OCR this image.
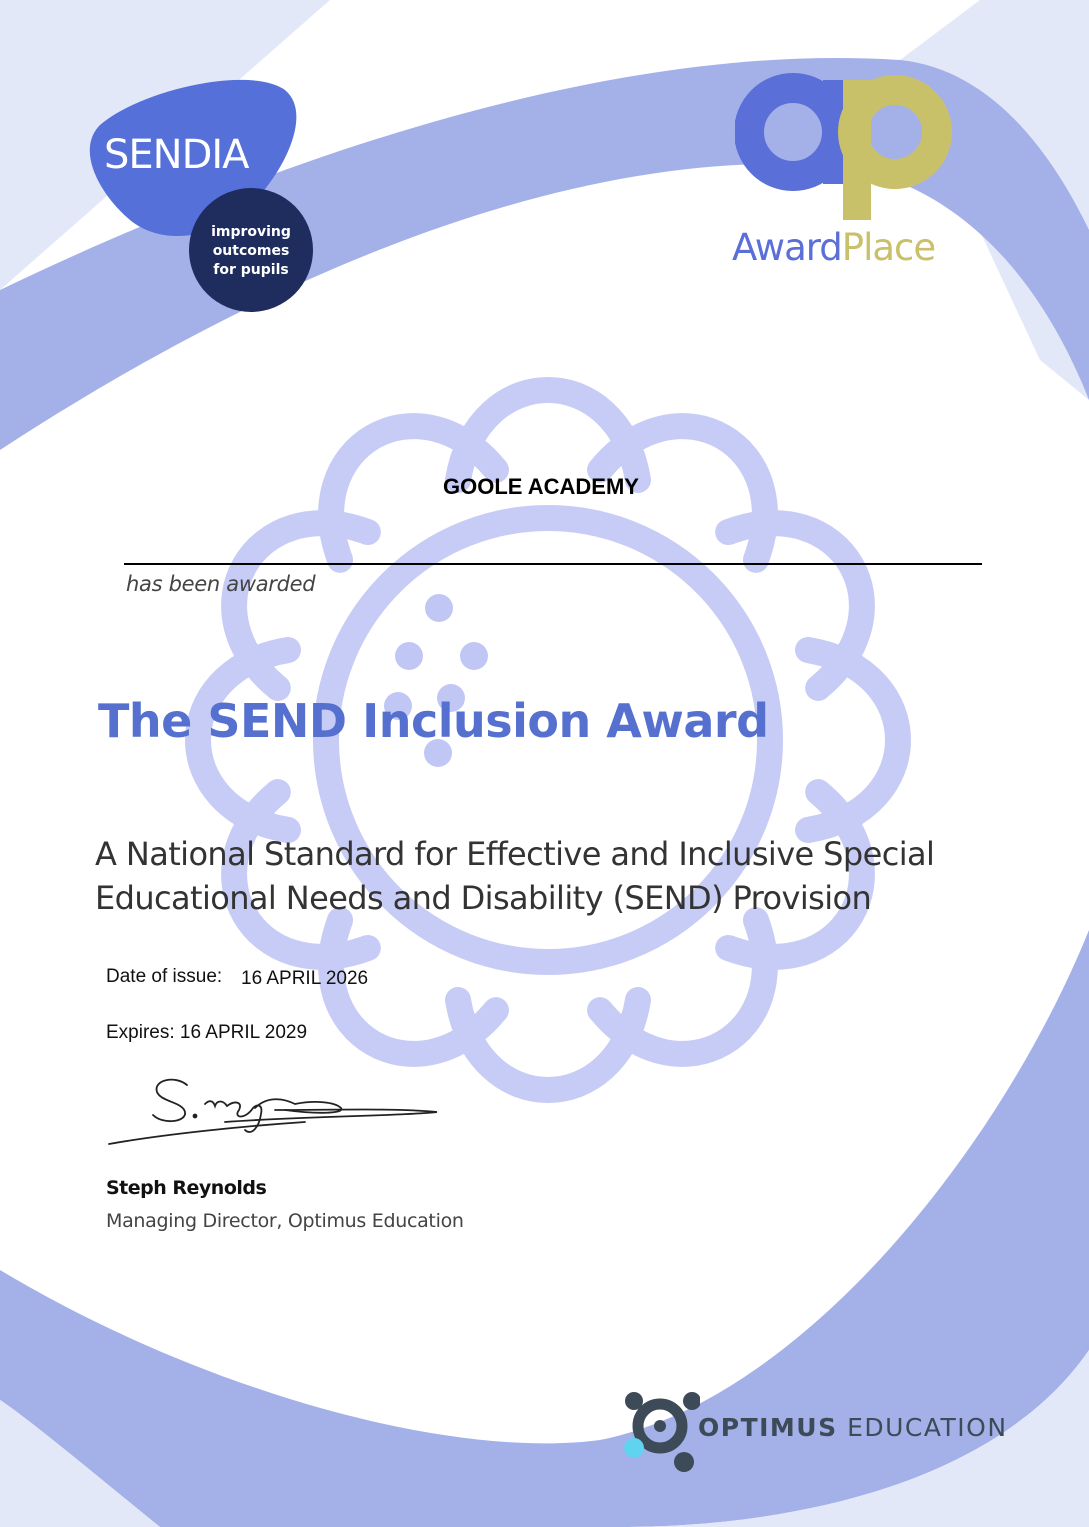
SENDIA
improving
outcomes
for pupils
AwardPlace
GOOLE ACADEMY
has been awarded
The SEND Inclusion Award
A National Standard for Effective and Inclusive Special
Educational Needs and Disability (SEND) Provision
Date of issue: 16 APRIL 2026
Expires: 16 APRIL 2029
Steph Reynolds
Managing Director, Optimus Education
OPTIMUS EDUCATION
